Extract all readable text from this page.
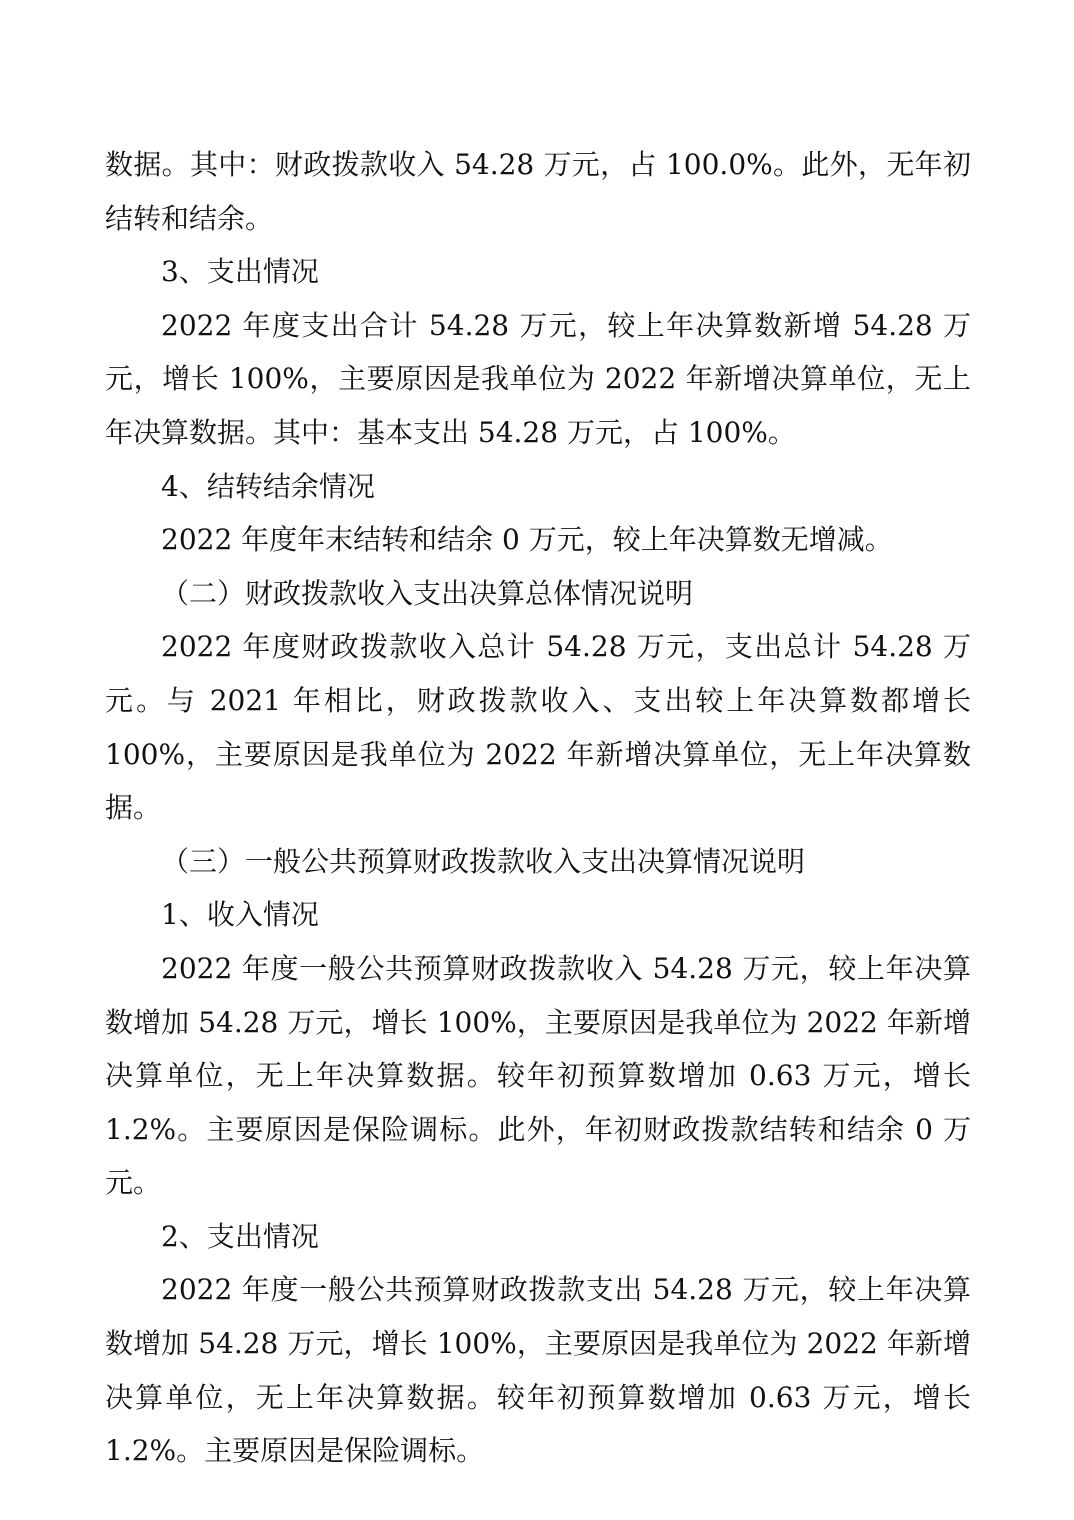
数据。其中：财政拨款收入 54.28 万元，占 100.0%。此外，无年初结转和结余。

3、支出情况

2022 年度支出合计 54.28 万元，较上年决算数新增 54.28 万元，增长 100%，主要原因是我单位为 2022 年新增决算单位，无上年决算数据。其中：基本支出 54.28 万元，占 100%。

4、结转结余情况

2022 年度年末结转和结余 0 万元，较上年决算数无增减。

（二）财政拨款收入支出决算总体情况说明

2022 年度财政拨款收入总计 54.28 万元，支出总计 54.28 万元。与 2021 年相比，财政拨款收入、支出较上年决算数都增长 100%，主要原因是我单位为 2022 年新增决算单位，无上年决算数据。

（三）一般公共预算财政拨款收入支出决算情况说明

1、收入情况

2022 年度一般公共预算财政拨款收入 54.28 万元，较上年决算数增加 54.28 万元，增长 100%，主要原因是我单位为 2022 年新增决算单位，无上年决算数据。较年初预算数增加 0.63 万元，增长 1.2%。主要原因是保险调标。此外，年初财政拨款结转和结余 0 万元。

2、支出情况

2022 年度一般公共预算财政拨款支出 54.28 万元，较上年决算数增加 54.28 万元，增长 100%，主要原因是我单位为 2022 年新增决算单位，无上年决算数据。较年初预算数增加 0.63 万元，增长 1.2%。主要原因是保险调标。
